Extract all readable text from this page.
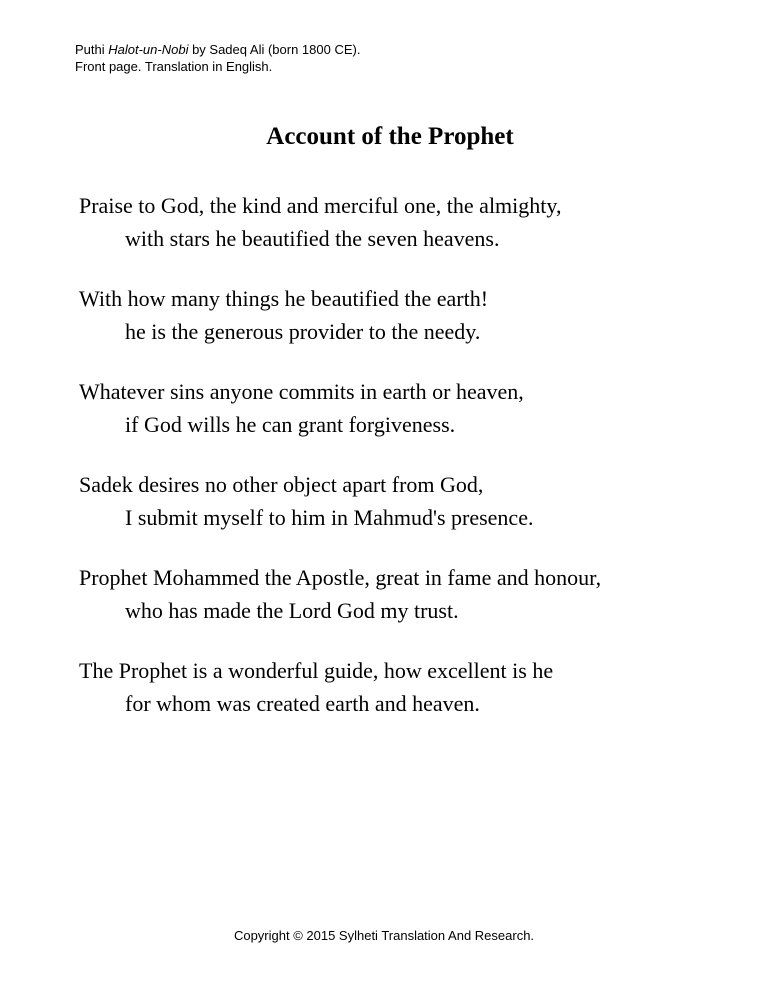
Puthi Halot-un-Nobi by Sadeq Ali (born 1800 CE).
Front page. Translation in English.
Account of the Prophet
Praise to God, the kind and merciful one, the almighty,
with stars he beautified the seven heavens.
With how many things he beautified the earth!
he is the generous provider to the needy.
Whatever sins anyone commits in earth or heaven,
if God wills he can grant forgiveness.
Sadek desires no other object apart from God,
I submit myself to him in Mahmud's presence.
Prophet Mohammed the Apostle, great in fame and honour,
who has made the Lord God my trust.
The Prophet is a wonderful guide, how excellent is he
for whom was created earth and heaven.
Copyright © 2015 Sylheti Translation And Research.
